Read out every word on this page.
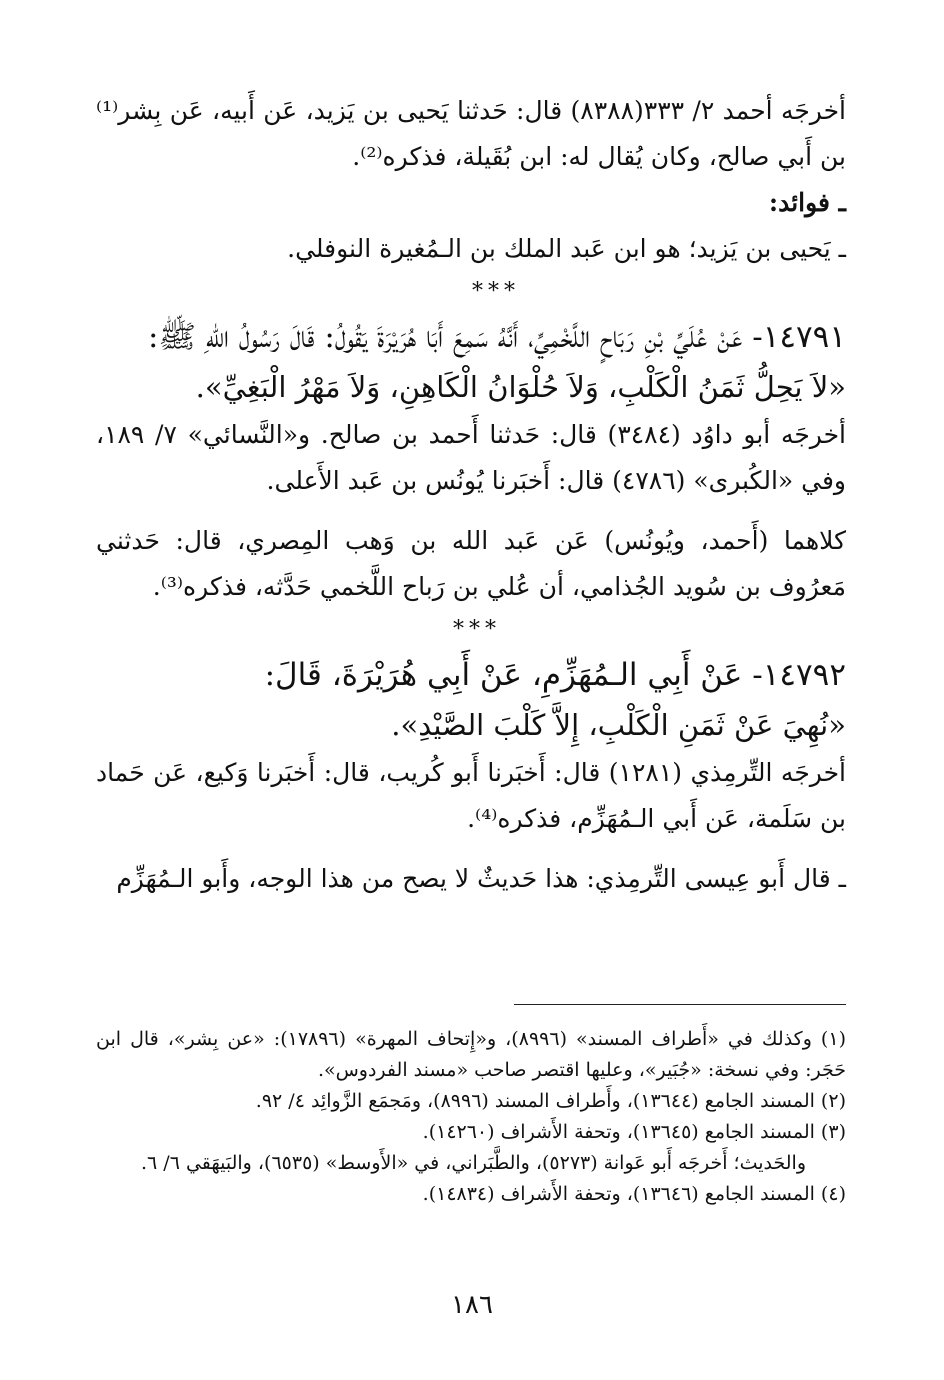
أخرجَه أحمد ٢/ ٣٣٣(٨٣٨٨) قال: حَدثنا يَحيى بن يَزيد، عَن أَبيه، عَن بِشر⁽¹⁾ بن أَبي صالح، وكان يُقال له: ابن بُقَيلة، فذكره⁽²⁾.

ـ فوائد:

ـ يَحيى بن يَزيد؛ هو ابن عَبد الملك بن الـمُغيرة النوفلي.

***

١٤٧٩١- عَنْ عُلَيِّ بْنِ رَبَاحٍ اللَّخْمِيِّ، أَنَّهُ سَمِعَ أَبَا هُرَيْرَةَ يَقُولُ: قَالَ رَسُولُ اللهِ ﷺ:

«لاَ يَحِلُّ ثَمَنُ الْكَلْبِ، وَلاَ حُلْوَانُ الْكَاهِنِ، وَلاَ مَهْرُ الْبَغِيِّ».

أخرجَه أبو داوُد (٣٤٨٤) قال: حَدثنا أَحمد بن صالح. و«النَّسائي» ٧/ ١٨٩، وفي «الكُبرى» (٤٧٨٦) قال: أَخبَرنا يُونُس بن عَبد الأَعلى.

كلاهما (أَحمد، ويُونُس) عَن عَبد الله بن وَهب المِصري، قال: حَدثني مَعرُوف بن سُويد الجُذامي، أن عُلي بن رَباح اللَّخمي حَدَّثه، فذكره⁽³⁾.

***

١٤٧٩٢- عَنْ أَبِي الـمُهَزِّمِ، عَنْ أَبِي هُرَيْرَةَ، قَالَ:

«نُهِيَ عَنْ ثَمَنِ الْكَلْبِ، إِلاَّ كَلْبَ الصَّيْدِ».

أخرجَه التِّرمِذي (١٢٨١) قال: أَخبَرنا أَبو كُريب، قال: أَخبَرنا وَكيع، عَن حَماد بن سَلَمة، عَن أَبي الـمُهَزِّم، فذكره⁽⁴⁾.

ـ قال أَبو عِيسى التِّرمِذي: هذا حَديثٌ لا يصح من هذا الوجه، وأَبو الـمُهَزِّم

(١) وكذلك في «أَطراف المسند» (٨٩٩٦)، و«إِتحاف المهرة» (١٧٨٩٦): «عن بِشر»، قال ابن حَجَر: وفي نسخة: «جُبَير»، وعليها اقتصر صاحب «مسند الفردوس».

(٢) المسند الجامع (١٣٦٤٤)، وأَطراف المسند (٨٩٩٦)، ومَجمَع الزَّوائِد ٤/ ٩٢.

(٣) المسند الجامع (١٣٦٤٥)، وتحفة الأَشراف (١٤٢٦٠).

والحَديث؛ أَخرجَه أَبو عَوانة (٥٢٧٣)، والطَّبَراني، في «الأَوسط» (٦٥٣٥)، والبَيهَقي ٦/ ٦.

(٤) المسند الجامع (١٣٦٤٦)، وتحفة الأَشراف (١٤٨٣٤).

١٨٦
